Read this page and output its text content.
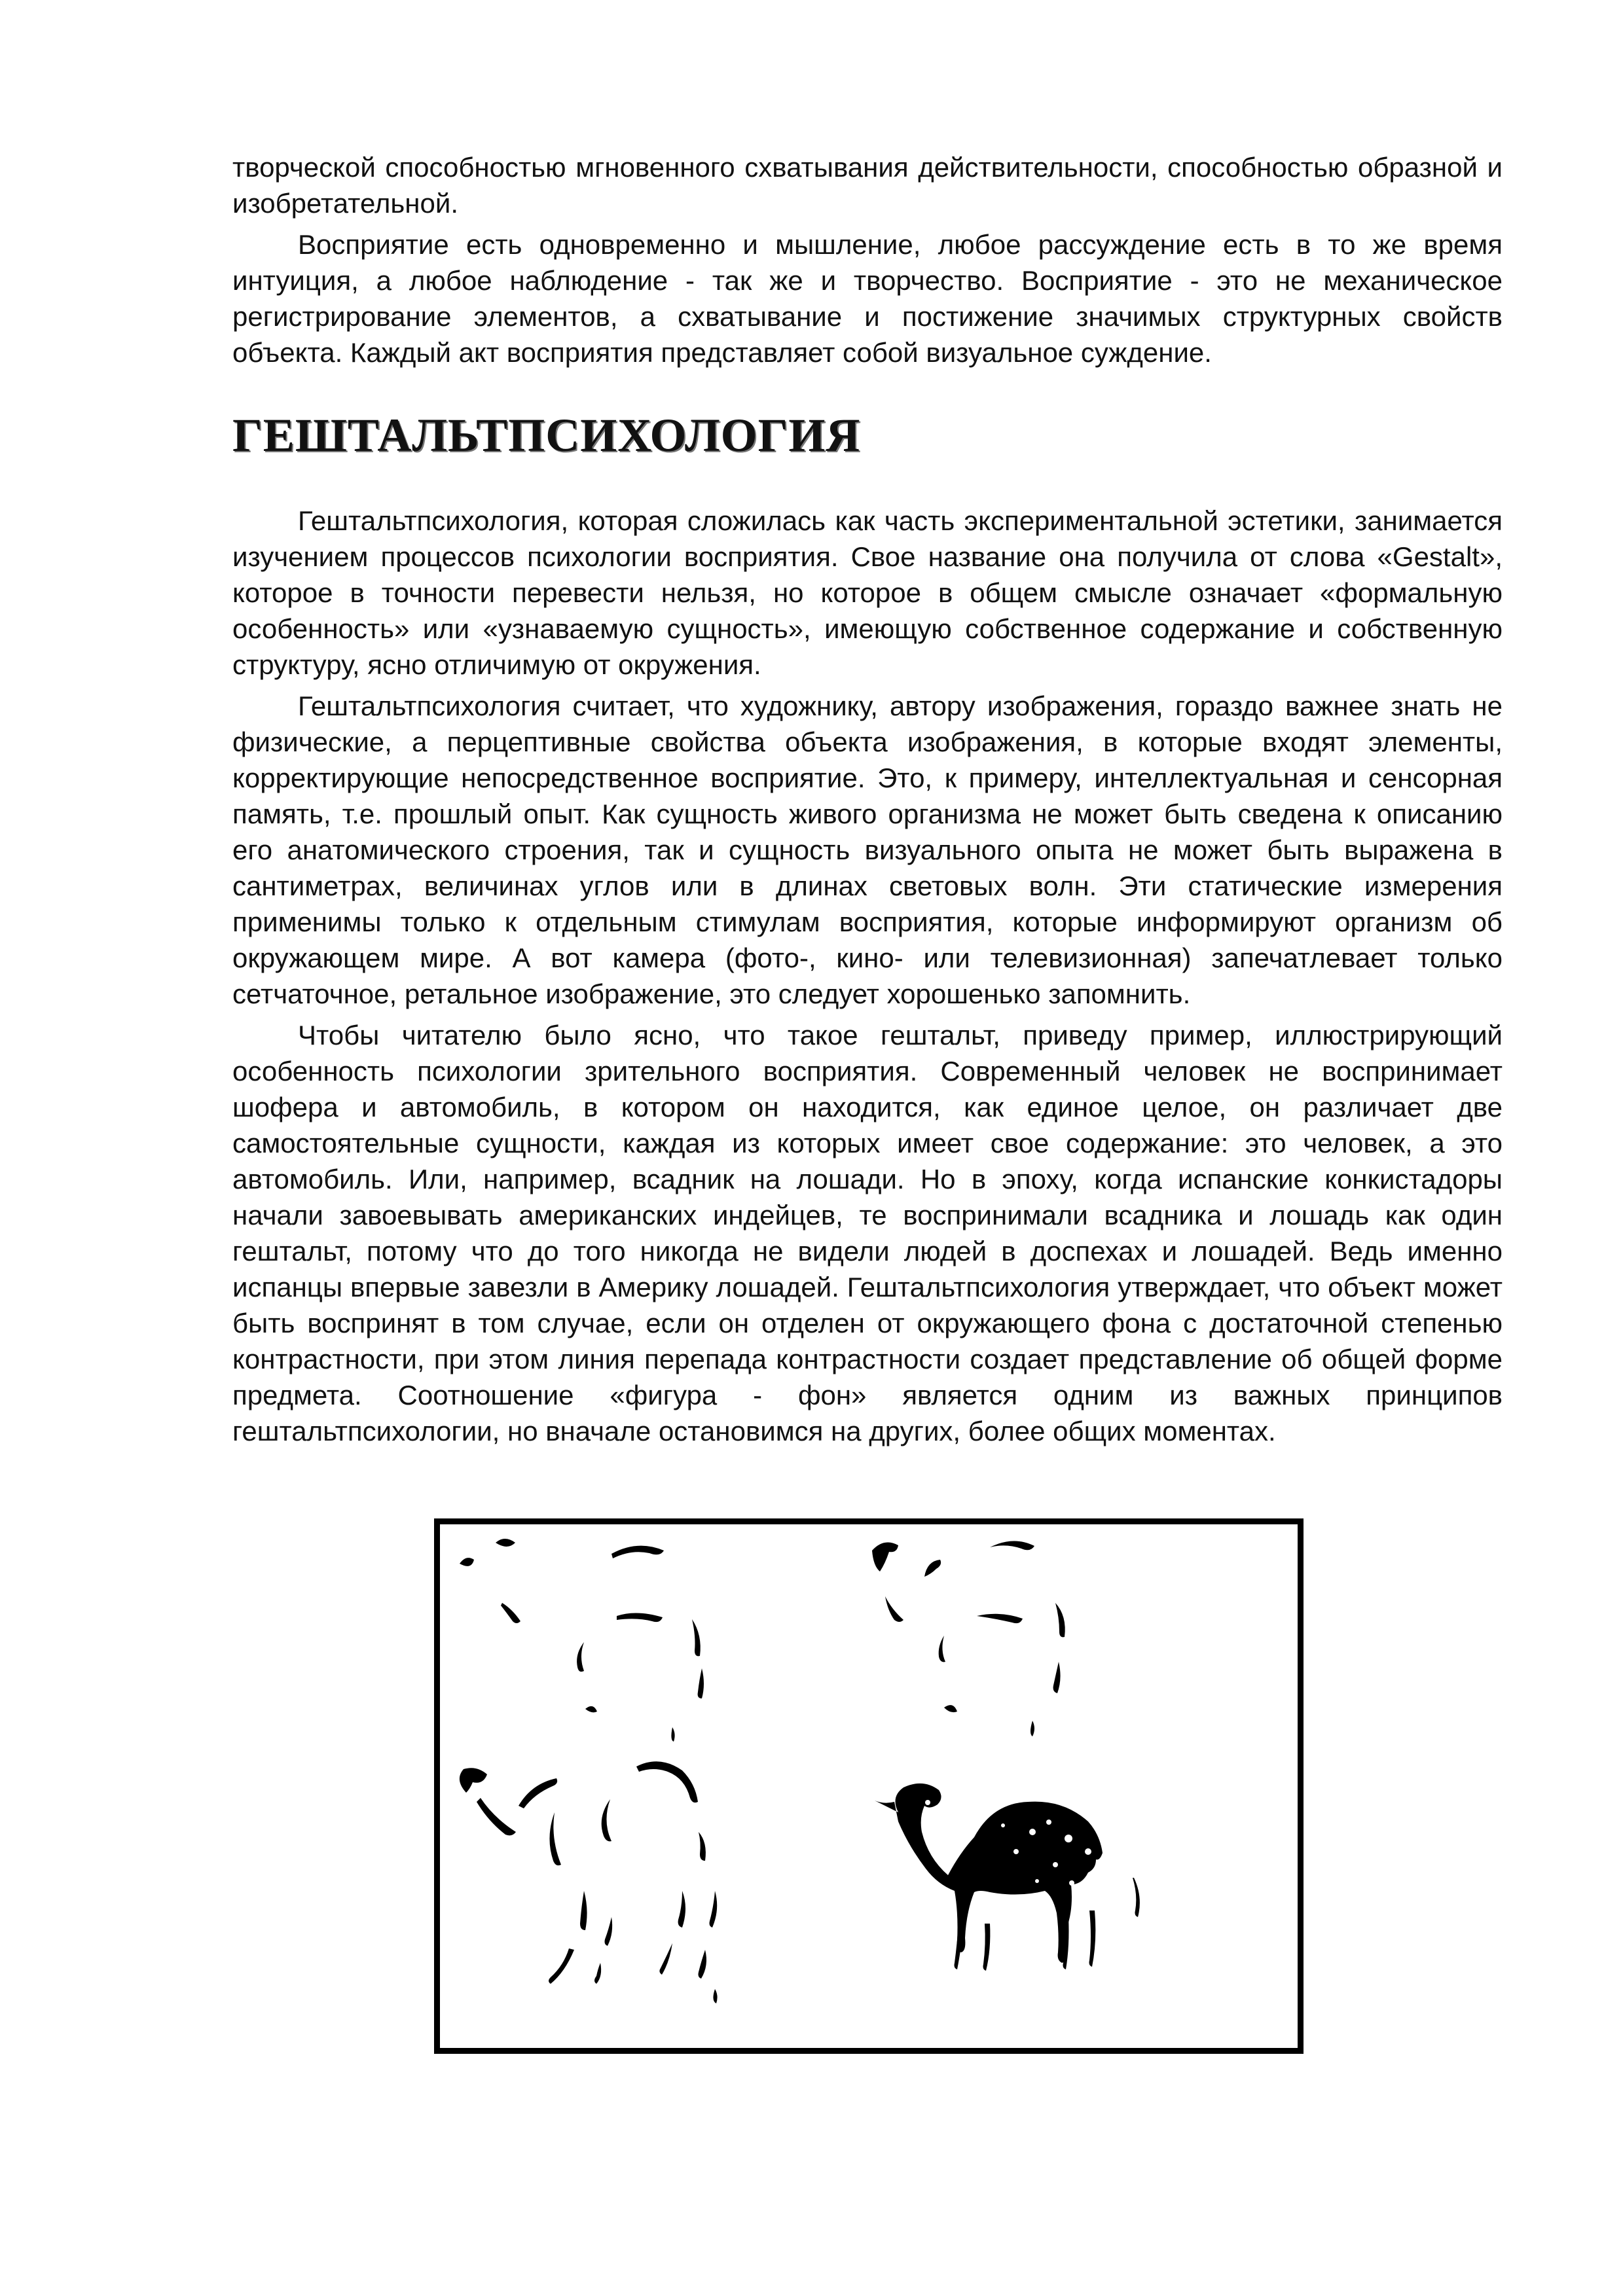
творческой способностью мгновенного схватывания действительности, способностью образной и изобретательной.

Восприятие есть одновременно и мышление, любое рассуждение есть в то же время интуиция, а любое наблюдение - так же и творчество. Восприятие - это не механическое регистрирование элементов, а схватывание и постижение значимых структурных свойств объекта. Каждый акт восприятия представляет собой визуальное суждение.

ГЕШТАЛЬТПСИХОЛОГИЯ

Гештальтпсихология, которая сложилась как часть экспериментальной эстетики, занимается изучением процессов психологии восприятия. Свое название она получила от слова «Gestalt», которое в точности перевести нельзя, но которое в общем смысле означает «формальную особенность» или «узнаваемую сущность», имеющую собственное содержание и собственную структуру, ясно отличимую от окружения.

Гештальтпсихология считает, что художнику, автору изображения, гораздо важнее знать не физические, а перцептивные свойства объекта изображения, в которые входят элементы, корректирующие непосредственное восприятие. Это, к примеру, интеллектуальная и сенсорная память, т.е. прошлый опыт. Как сущность живого организма не может быть сведена к описанию его анатомического строения, так и сущность визуального опыта не может быть выражена в сантиметрах, величинах углов или в длинах световых волн. Эти статические измерения применимы только к отдельным стимулам восприятия, которые информируют организм об окружающем мире. А вот камера (фото-, кино- или телевизионная) запечатлевает только сетчаточное, ретальное изображение, это следует хорошенько запомнить.

Чтобы читателю было ясно, что такое гештальт, приведу пример, иллюстрирующий особенность психологии зрительного восприятия. Современный человек не воспринимает шофера и автомобиль, в котором он находится, как единое целое, он различает две самостоятельные сущности, каждая из которых имеет свое содержание: это человек, а это автомобиль. Или, например, всадник на лошади. Но в эпоху, когда испанские конкистадоры начали завоевывать американских индейцев, те воспринимали всадника и лошадь как один гештальт, потому что до того никогда не видели людей в доспехах и лошадей. Ведь именно испанцы впервые завезли в Америку лошадей. Гештальтпсихология утверждает, что объект может быть воспринят в том случае, если он отделен от окружающего фона с достаточной степенью контрастности, при этом линия перепада контрастности создает представление об общей форме предмета. Соотношение «фигура - фон» является одним из важных принципов гештальтпсихологии, но вначале остановимся на других, более общих моментах.
